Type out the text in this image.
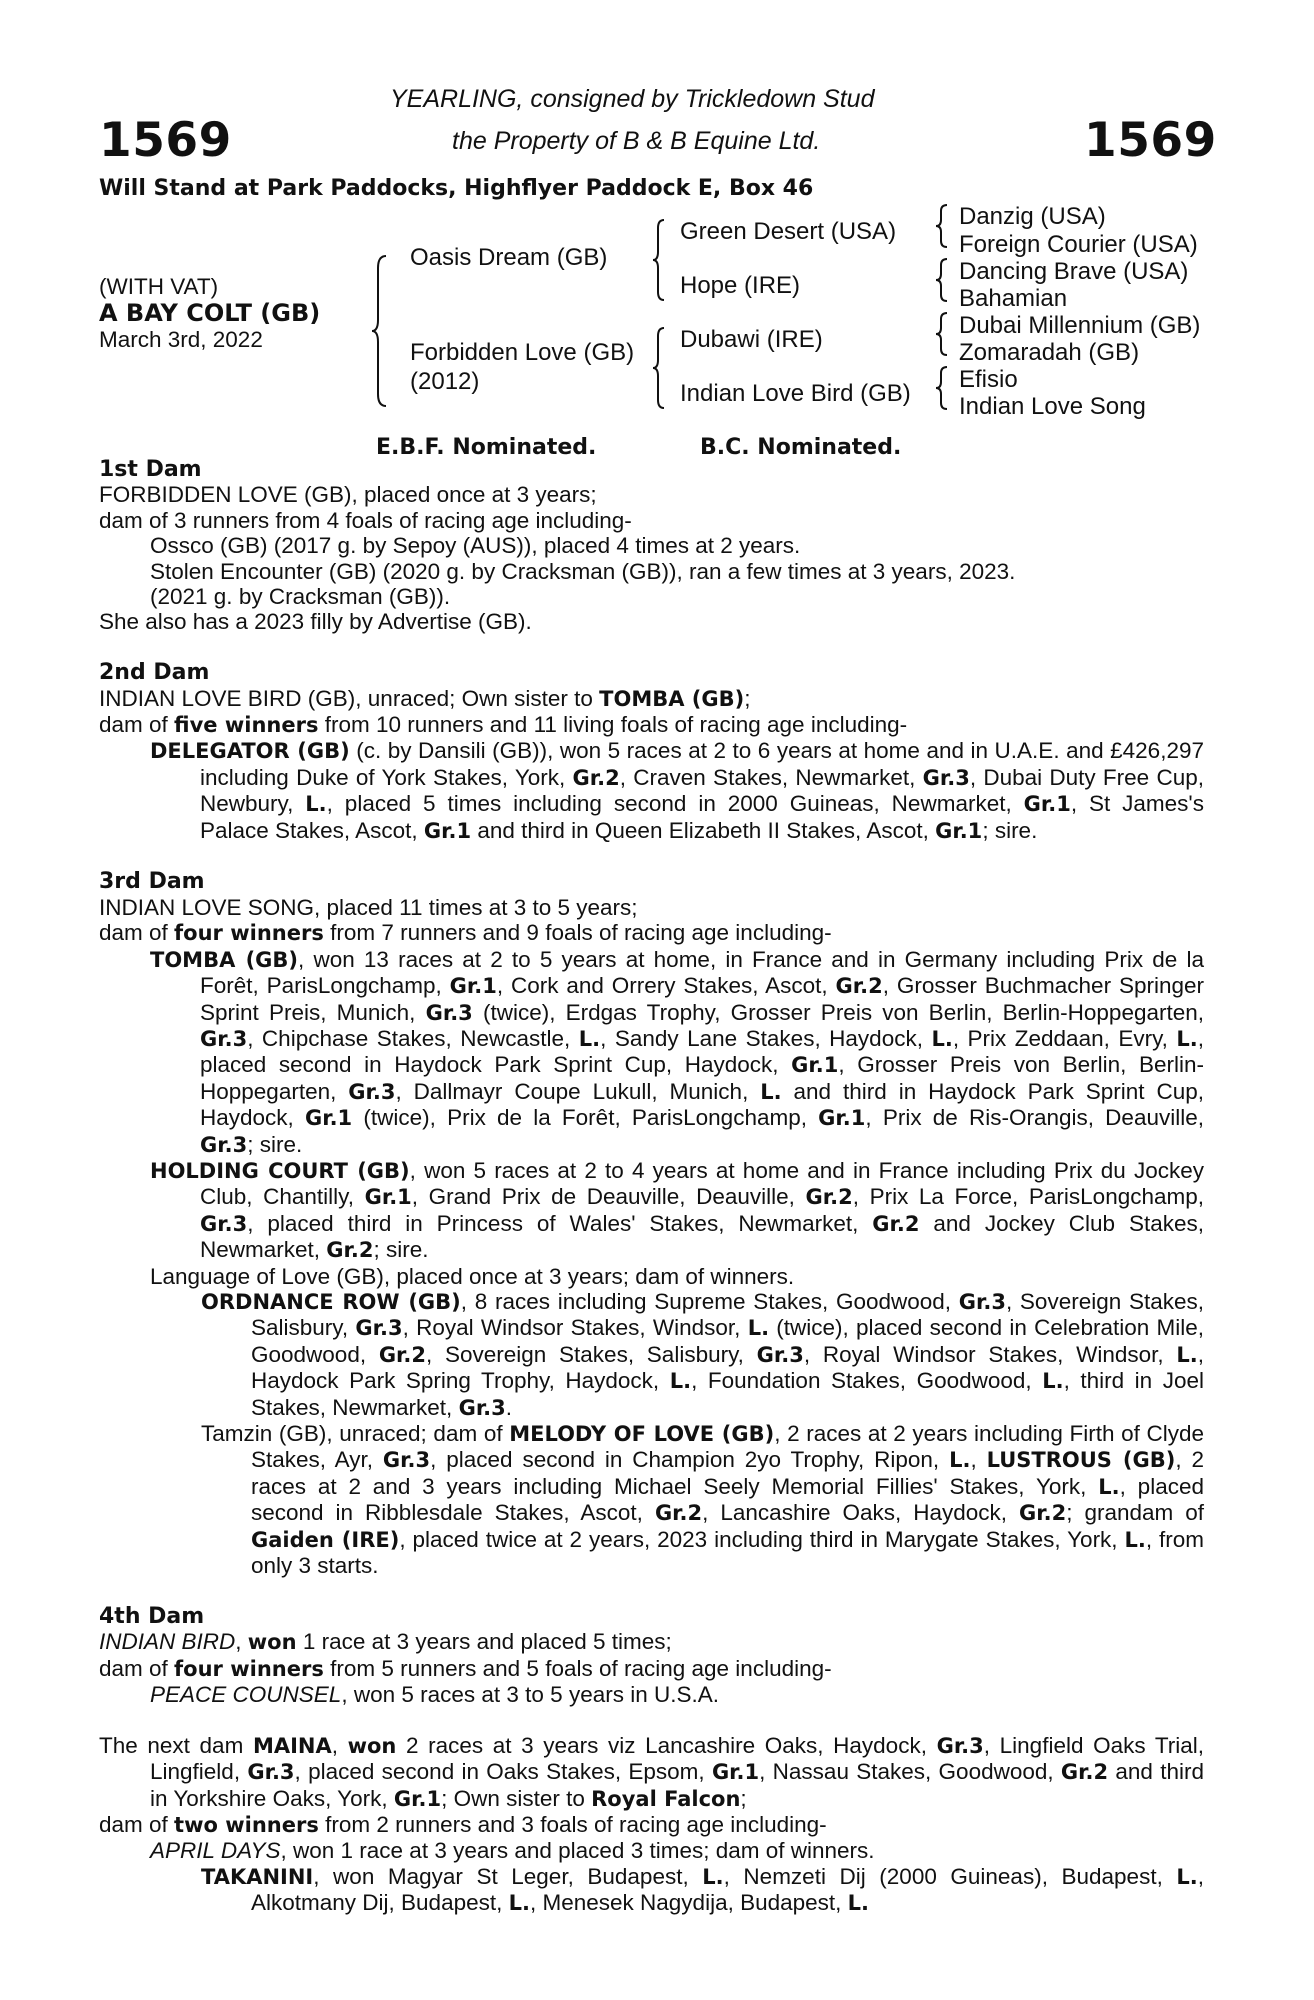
1569	1569
YEARLING, consigned by Trickledown Stud
the Property of B & B Equine Ltd.
Will Stand at Park Paddocks, Highflyer Paddock E, Box 46
(WITH VAT)
A BAY COLT (GB)
March 3rd, 2022
Oasis Dream (GB)
Forbidden Love (GB)
(2012)
Green Desert (USA)
Hope (IRE)
Dubawi (IRE)
Indian Love Bird (GB)
Danzig (USA)
Foreign Courier (USA)
Dancing Brave (USA)
Bahamian
Dubai Millennium (GB)
Zomaradah (GB)
Efisio
Indian Love Song
E.B.F. Nominated.	B.C. Nominated.

1st Dam

FORBIDDEN LOVE (GB), placed once at 3 years;

dam of 3 runners from 4 foals of racing age including-

Ossco (GB) (2017 g. by Sepoy (AUS)), placed 4 times at 2 years.

Stolen Encounter (GB) (2020 g. by Cracksman (GB)), ran a few times at 3 years, 2023.

(2021 g. by Cracksman (GB)).

She also has a 2023 filly by Advertise (GB).

2nd Dam

INDIAN LOVE BIRD (GB), unraced; Own sister to TOMBA (GB);

dam of five winners from 10 runners and 11 living foals of racing age including-

DELEGATOR (GB) (c. by Dansili (GB)), won 5 races at 2 to 6 years at home and in U.A.E. and £426,297 including Duke of York Stakes, York, Gr.2, Craven Stakes, Newmarket, Gr.3, Dubai Duty Free Cup, Newbury, L., placed 5 times including second in 2000 Guineas, Newmarket, Gr.1, St James's Palace Stakes, Ascot, Gr.1 and third in Queen Elizabeth II Stakes, Ascot, Gr.1; sire.

3rd Dam

INDIAN LOVE SONG, placed 11 times at 3 to 5 years;

dam of four winners from 7 runners and 9 foals of racing age including-

TOMBA (GB), won 13 races at 2 to 5 years at home, in France and in Germany including Prix de la Forêt, ParisLongchamp, Gr.1, Cork and Orrery Stakes, Ascot, Gr.2, Grosser Buchmacher Springer Sprint Preis, Munich, Gr.3 (twice), Erdgas Trophy, Grosser Preis von Berlin, Berlin-Hoppegarten, Gr.3, Chipchase Stakes, Newcastle, L., Sandy Lane Stakes, Haydock, L., Prix Zeddaan, Evry, L., placed second in Haydock Park Sprint Cup, Haydock, Gr.1, Grosser Preis von Berlin, Berlin-Hoppegarten, Gr.3, Dallmayr Coupe Lukull, Munich, L. and third in Haydock Park Sprint Cup, Haydock, Gr.1 (twice), Prix de la Forêt, ParisLongchamp, Gr.1, Prix de Ris-Orangis, Deauville, Gr.3; sire.

HOLDING COURT (GB), won 5 races at 2 to 4 years at home and in France including Prix du Jockey Club, Chantilly, Gr.1, Grand Prix de Deauville, Deauville, Gr.2, Prix La Force, ParisLongchamp, Gr.3, placed third in Princess of Wales' Stakes, Newmarket, Gr.2 and Jockey Club Stakes, Newmarket, Gr.2; sire.

Language of Love (GB), placed once at 3 years; dam of winners.

ORDNANCE ROW (GB), 8 races including Supreme Stakes, Goodwood, Gr.3, Sovereign Stakes, Salisbury, Gr.3, Royal Windsor Stakes, Windsor, L. (twice), placed second in Celebration Mile, Goodwood, Gr.2, Sovereign Stakes, Salisbury, Gr.3, Royal Windsor Stakes, Windsor, L., Haydock Park Spring Trophy, Haydock, L., Foundation Stakes, Goodwood, L., third in Joel Stakes, Newmarket, Gr.3.

Tamzin (GB), unraced; dam of MELODY OF LOVE (GB), 2 races at 2 years including Firth of Clyde Stakes, Ayr, Gr.3, placed second in Champion 2yo Trophy, Ripon, L., LUSTROUS (GB), 2 races at 2 and 3 years including Michael Seely Memorial Fillies' Stakes, York, L., placed second in Ribblesdale Stakes, Ascot, Gr.2, Lancashire Oaks, Haydock, Gr.2; grandam of Gaiden (IRE), placed twice at 2 years, 2023 including third in Marygate Stakes, York, L., from only 3 starts.

4th Dam

INDIAN BIRD, won 1 race at 3 years and placed 5 times;

dam of four winners from 5 runners and 5 foals of racing age including-

PEACE COUNSEL, won 5 races at 3 to 5 years in U.S.A.

The next dam MAINA, won 2 races at 3 years viz Lancashire Oaks, Haydock, Gr.3, Lingfield Oaks Trial, Lingfield, Gr.3, placed second in Oaks Stakes, Epsom, Gr.1, Nassau Stakes, Goodwood, Gr.2 and third in Yorkshire Oaks, York, Gr.1; Own sister to Royal Falcon;

dam of two winners from 2 runners and 3 foals of racing age including-

APRIL DAYS, won 1 race at 3 years and placed 3 times; dam of winners.

TAKANINI, won Magyar St Leger, Budapest, L., Nemzeti Dij (2000 Guineas), Budapest, L., Alkotmany Dij, Budapest, L., Menesek Nagydija, Budapest, L.
